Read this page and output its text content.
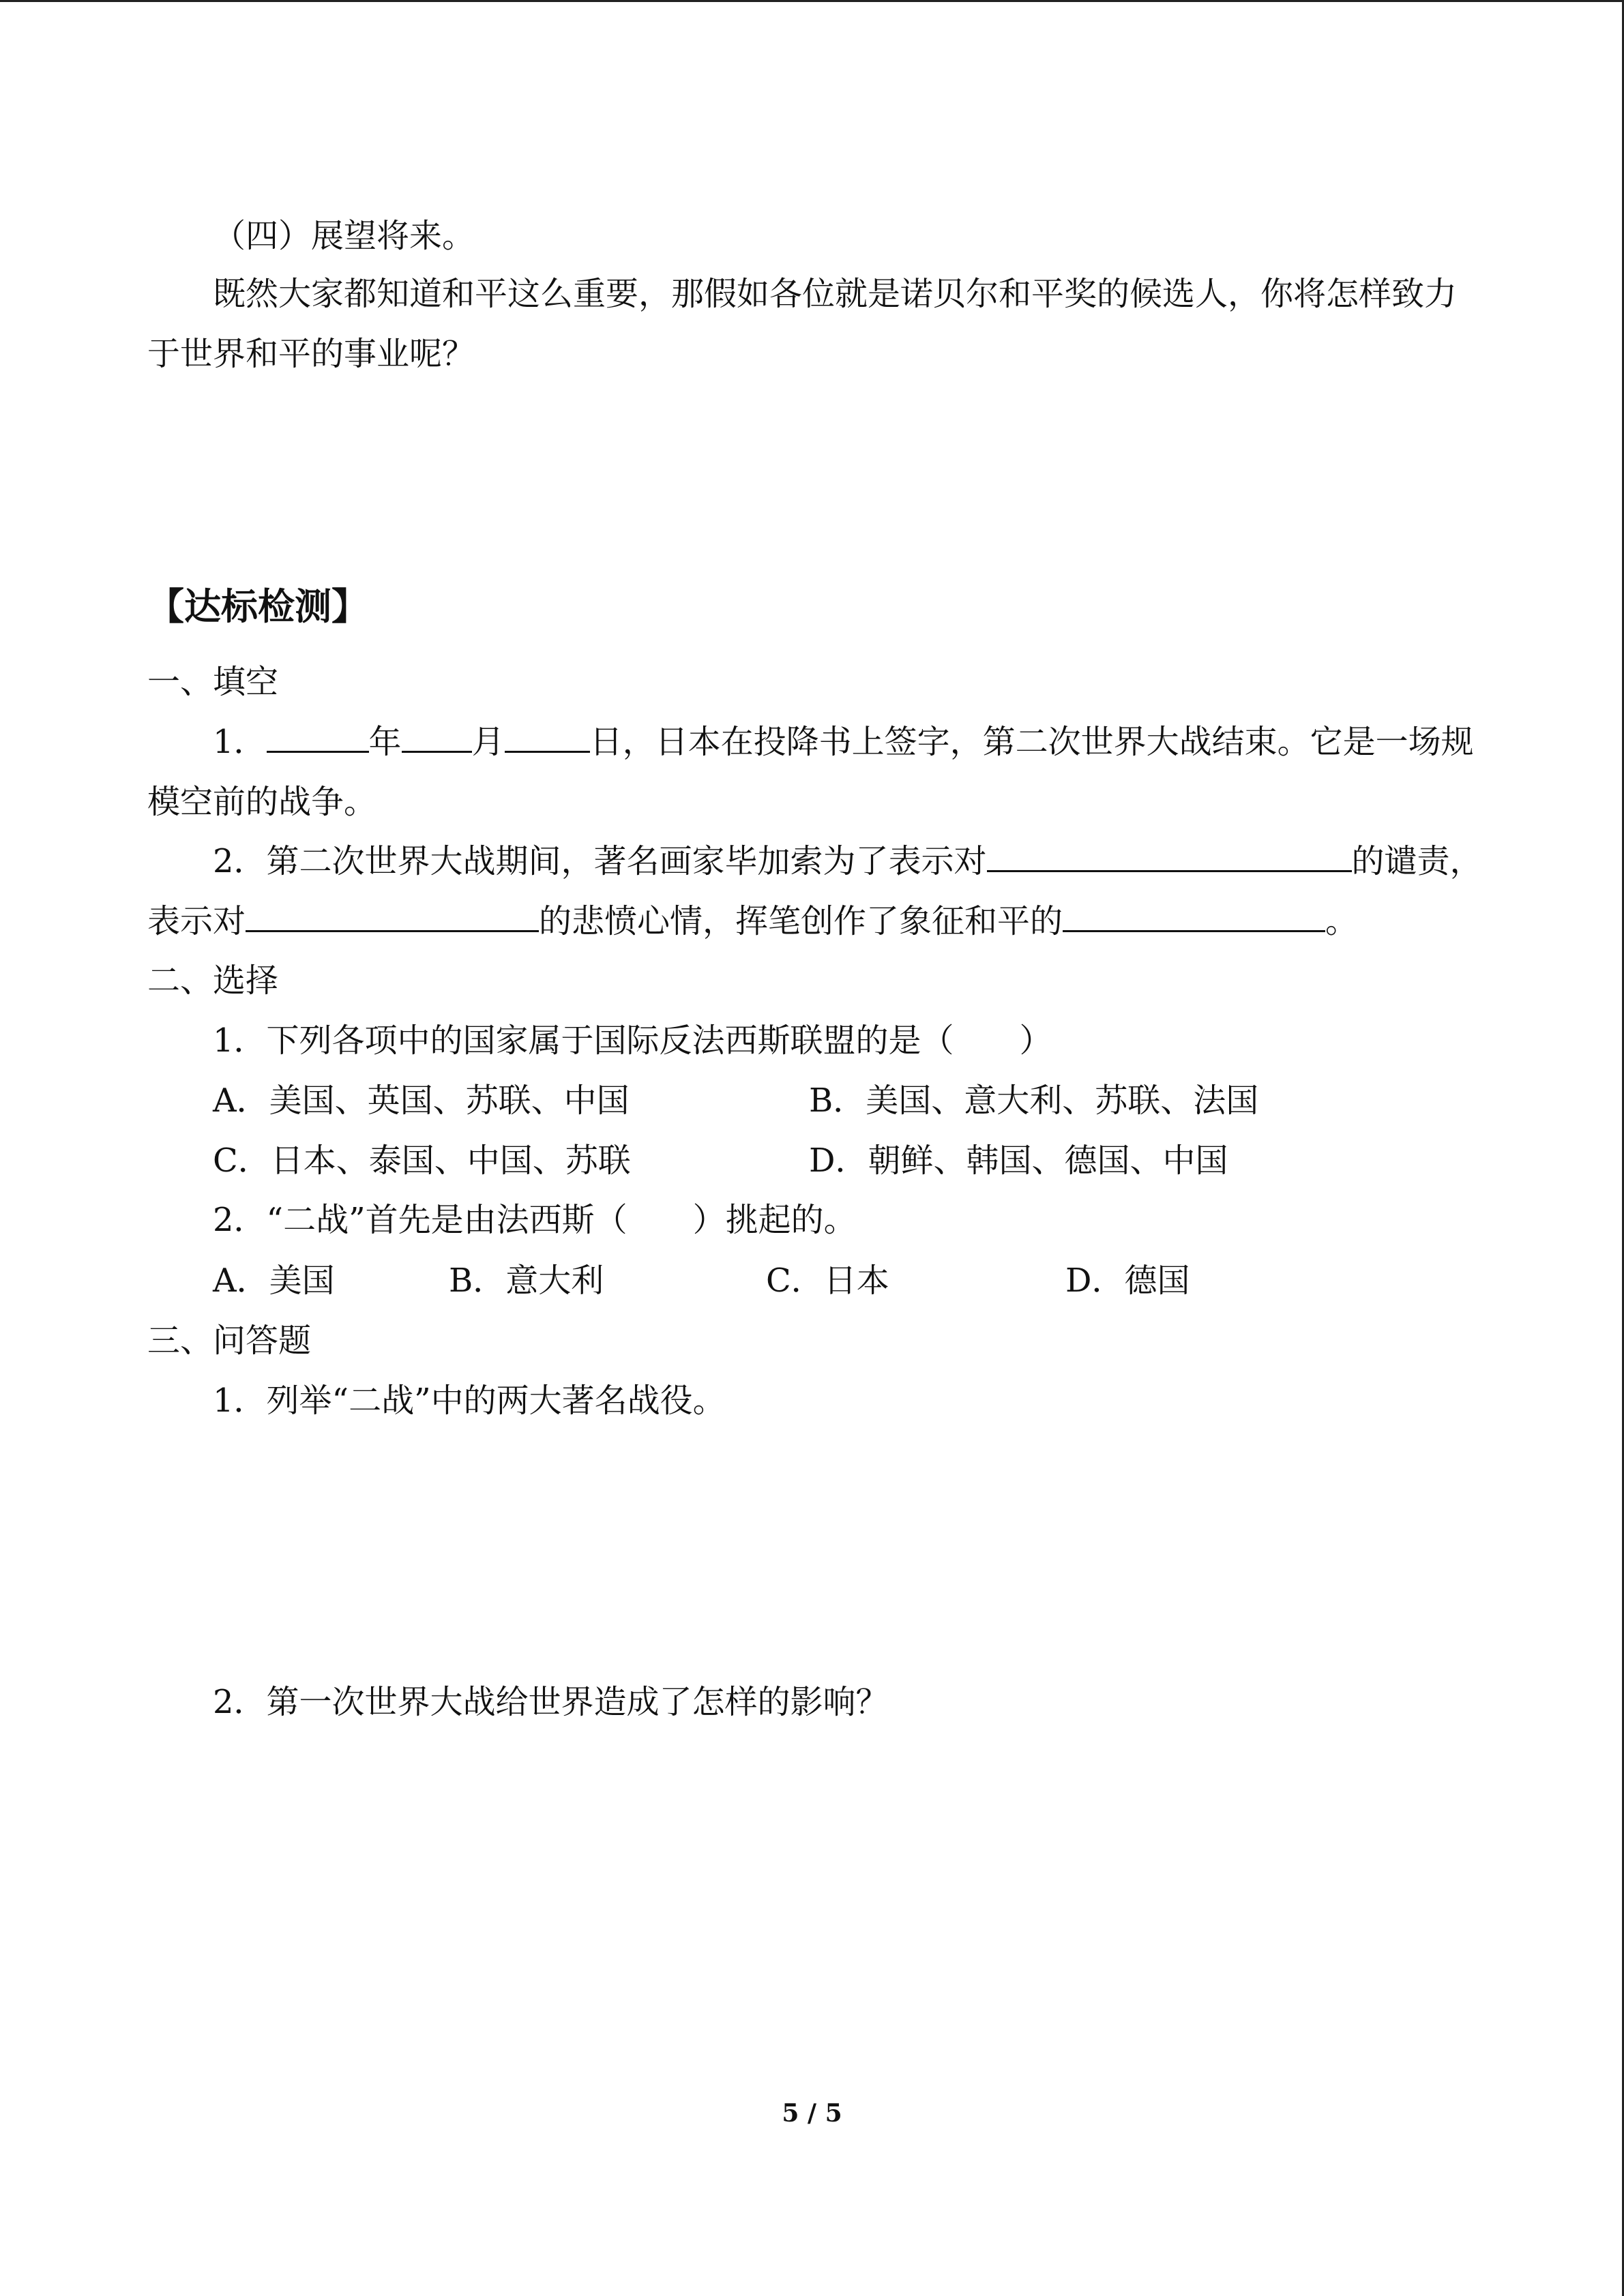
（四）展望将来。
既然大家都知道和平这么重要，那假如各位就是诺贝尔和平奖的候选人，你将怎样致力
于世界和平的事业呢？
【达标检测】
一、填空
1．	年 月	日，日本在投降书上签字，第二次世界大战结束。它是一场规
模空前的战争。
2．第二次世界大战期间，著名画家毕加索为了表示对	的谴责，
表示对	的悲愤心情，挥笔创作了象征和平的	。
二、选择
1．下列各项中的国家属于国际反法西斯联盟的是（　　）
A．美国、英国、苏联、中国	B．美国、意大利、苏联、法国
C．日本、泰国、中国、苏联	D．朝鲜、韩国、德国、中国
2．“二战”首先是由法西斯（　　）挑起的。
A．美国	B．意大利	C．日本	D．德国
三、问答题
1．列举“二战”中的两大著名战役。
2．第一次世界大战给世界造成了怎样的影响？
5 / 5
